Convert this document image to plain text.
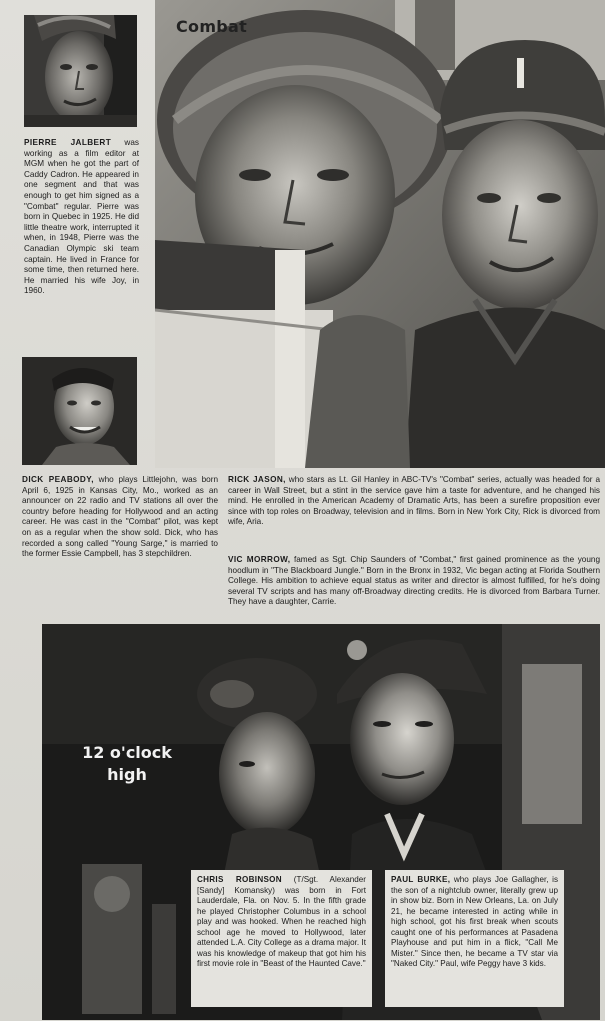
PIERRE JALBERT was working as a film editor at MGM when he got the part of Caddy Cadron. He appeared in one segment and that was enough to get him signed as a "Combat" regular. Pierre was born in Quebec in 1925. He did little theatre work, interrupted it when, in 1948, Pierre was the Canadian Olympic ski team captain. He lived in France for some time, then returned here. He married his wife Joy, in 1960.
DICK PEABODY, who plays Littlejohn, was born April 6, 1925 in Kansas City, Mo., worked as an announcer on 22 radio and TV stations all over the country before heading for Hollywood and an acting career. He was cast in the "Combat" pilot, was kept on as a regular when the show sold. Dick, who has recorded a song called "Young Sarge," is married to the former Essie Campbell, has 3 stepchildren.
Combat
RICK JASON, who stars as Lt. Gil Hanley in ABC-TV's "Combat" series, actually was headed for a career in Wall Street, but a stint in the service gave him a taste for adventure, and he changed his mind. He enrolled in the American Academy of Dramatic Arts, has been a surefire proposition ever since with top roles on Broadway, television and in films. Born in New York City, Rick is divorced from wife, Aria.
VIC MORROW, famed as Sgt. Chip Saunders of "Combat," first gained prominence as the young hoodlum in "The Blackboard Jungle." Born in the Bronx in 1932, Vic began acting at Florida Southern College. His ambition to achieve equal status as writer and director is almost fulfilled, for he's doing several TV scripts and has many off-Broadway directing credits. He is divorced from Barbara Turner. They have a daughter, Carrie.
12 o'clock high
CHRIS ROBINSON (T/Sgt. Alexander [Sandy] Komansky) was born in Fort Lauderdale, Fla. on Nov. 5. In the fifth grade he played Christopher Columbus in a school play and was hooked. When he reached high school age he moved to Hollywood, later attended L.A. City College as a drama major. It was his knowledge of makeup that got him his first movie role in "Beast of the Haunted Cave."
PAUL BURKE, who plays Joe Gallagher, is the son of a nightclub owner, literally grew up in show biz. Born in New Orleans, La. on July 21, he became interested in acting while in high school, got his first break when scouts caught one of his performances at Pasadena Playhouse and put him in a flick, "Call Me Mister." Since then, he became a TV star via "Naked City." Paul, wife Peggy have 3 kids.
